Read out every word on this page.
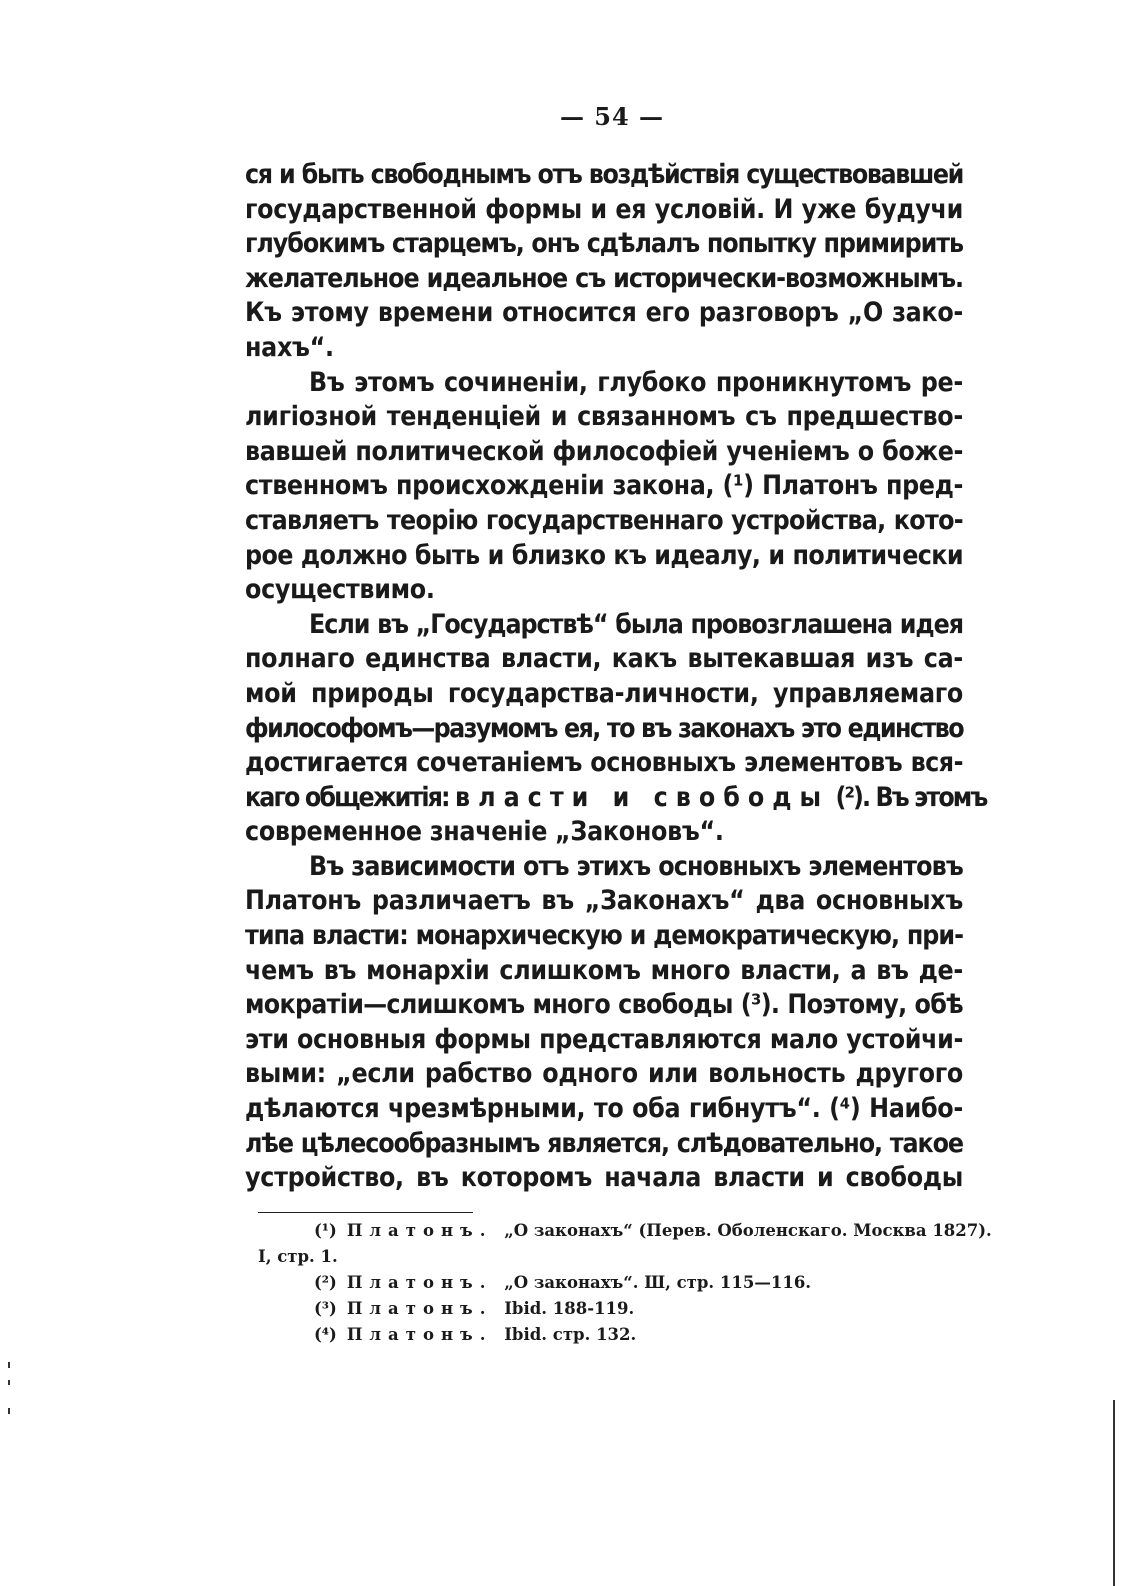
— 54 —
ся и быть свободнымъ отъ воздѣйствія существовавшей
государственной формы и ея условій. И уже будучи
глубокимъ старцемъ, онъ сдѣлалъ попытку примирить
желательное идеальное съ исторически-возможнымъ.
Къ этому времени относится его разговоръ „О зако-
нахъ“.
Въ этомъ сочиненіи, глубоко проникнутомъ ре-
лигіозной тенденціей и связанномъ съ предшество-
вавшей политической философіей ученіемъ о боже-
ственномъ происхожденіи закона, (¹) Платонъ пред-
ставляетъ теорію государственнаго устройства, кото-
рое должно быть и близко къ идеалу, и политически
осуществимо.
Если въ „Государствѣ“ была провозглашена идея
полнаго единства власти, какъ вытекавшая изъ са-
мой природы государства-личности, управляемаго
философомъ—разумомъ ея, то въ законахъ это единство
достигается сочетаніемъ основныхъ элементовъ вся-
каго общежитія: власти и свободы (²). Въ этомъ
современное значеніе „Законовъ“.
Въ зависимости отъ этихъ основныхъ элементовъ
Платонъ различаетъ въ „Законахъ“ два основныхъ
типа власти: монархическую и демократическую, при-
чемъ въ монархіи слишкомъ много власти, а въ де-
мократіи—слишкомъ много свободы (³). Поэтому, обѣ
эти основныя формы представляются мало устойчи-
выми: „если рабство одного или вольность другого
дѣлаются чрезмѣрными, то оба гибнутъ“. (⁴) Наибо-
лѣе цѣлесообразнымъ является, слѣдовательно, такое
устройство, въ которомъ начала власти и свободы
(¹) Платонъ. „О законахъ“ (Перев. Оболенскаго. Москва 1827).
I, стр. 1.
(²) Платонъ. „О законахъ“. Ш, стр. 115—116.
(³) Платонъ. Ibid. 188-119.
(⁴) Платонъ. Ibid. стр. 132.
